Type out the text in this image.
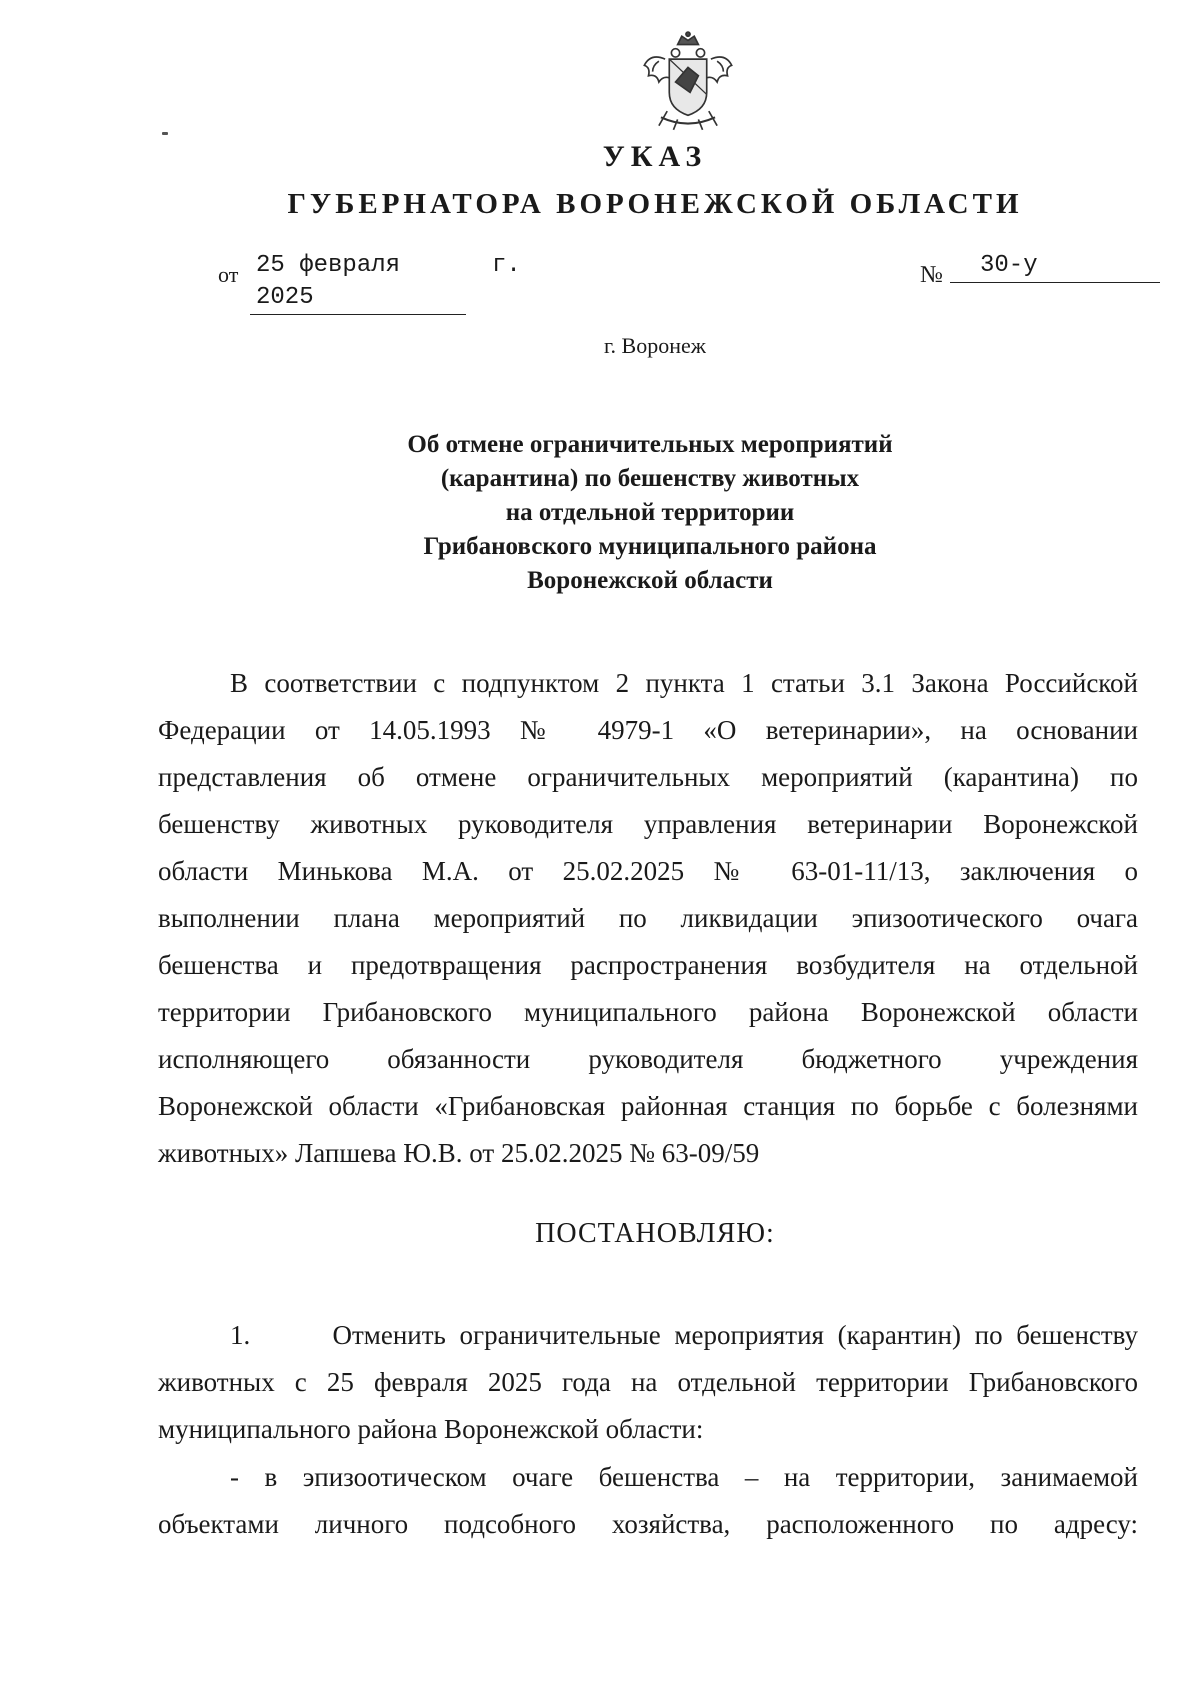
УКАЗ
ГУБЕРНАТОРА ВОРОНЕЖСКОЙ ОБЛАСТИ
от 25 февраля 2025
г.	№	30-у
г. Воронеж
Об отмене ограничительных мероприятий
(карантина) по бешенству животных
на отдельной территории
Грибановского муниципального района
Воронежской области
В соответствии с подпунктом 2 пункта 1 статьи 3.1 Закона Российской
Федерации от 14.05.1993 № 4979-1 «О ветеринарии», на основании
представления об отмене ограничительных мероприятий (карантина) по
бешенству животных руководителя управления ветеринарии Воронежской
области Минькова М.А. от 25.02.2025 № 63-01-11/13, заключения о
выполнении плана мероприятий по ликвидации эпизоотического очага
бешенства и предотвращения распространения возбудителя на отдельной
территории Грибановского муниципального района Воронежской области
исполняющего обязанности руководителя бюджетного учреждения
Воронежской области «Грибановская районная станция по борьбе с болезнями
животных» Лапшева Ю.В. от 25.02.2025 № 63-09/59
ПОСТАНОВЛЯЮ:
1.      Отменить ограничительные мероприятия (карантин) по бешенству
животных с 25 февраля 2025 года на отдельной территории Грибановского
муниципального района Воронежской области:
- в эпизоотическом очаге бешенства – на территории, занимаемой
объектами личного подсобного хозяйства, расположенного по адресу:
